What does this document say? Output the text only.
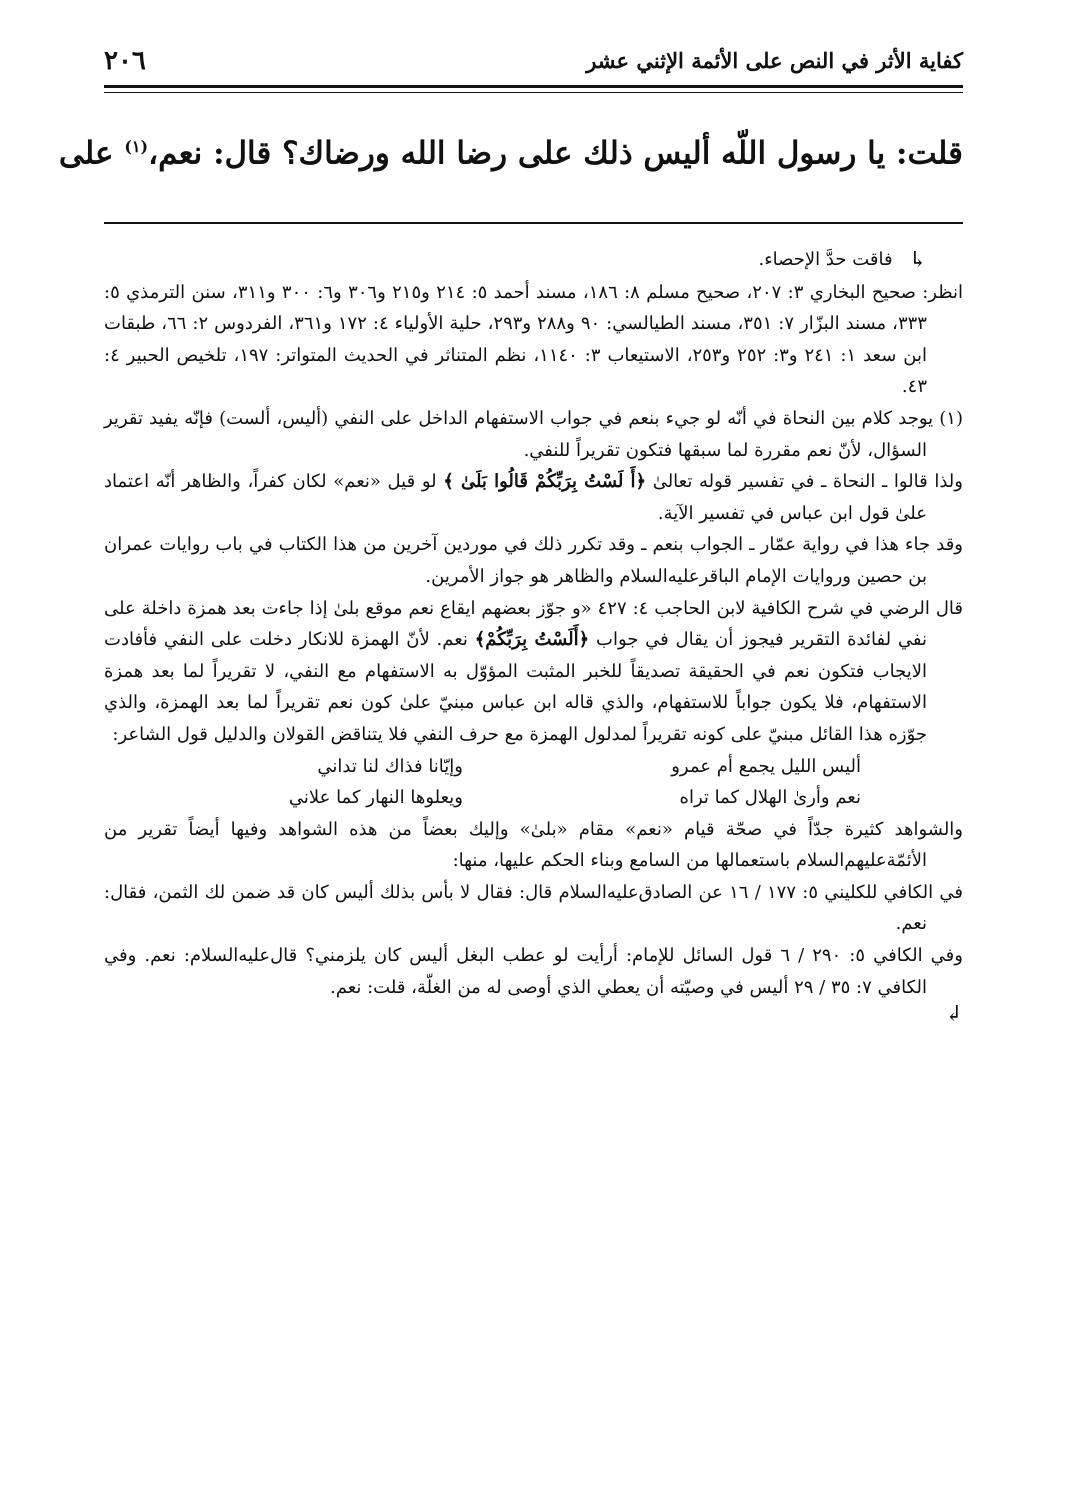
٢٠٦	كفاية الأثر في النص على الأئمة الإثني عشر
قلت: يا رسول اللّه أليس ذلك على رضا الله ورضاك؟ قال: نعم،$^{(١)}$ على

↳فاقت حدَّ الإحصاء.

انظر: صحيح البخاري ٣: ٢٠٧، صحيح مسلم ٨: ١٨٦، مسند أحمد ٥: ٢١٤ و٢١٥ و٣٠٦ و٦: ٣٠٠ و٣١١، سنن الترمذي ٥: ٣٣٣، مسند البزّار ٧: ٣٥١، مسند الطيالسي: ٩٠ و٢٨٨ و٢٩٣، حلية الأولياء ٤: ١٧٢ و٣٦١، الفردوس ٢: ٦٦، طبقات ابن سعد ١: ٢٤١ و٣: ٢٥٢ و٢٥٣، الاستيعاب ٣: ١١٤٠، نظم المتناثر في الحديث المتواتر: ١٩٧، تلخيص الحبير ٤: ٤٣.

(١) يوجد كلام بين النحاة في أنّه لو جيء بنعم في جواب الاستفهام الداخل على النفي (أليس، ألست) فإنّه يفيد تقرير السؤال، لأنّ نعم مقررة لما سبقها فتكون تقريراً للنفي.

ولذا قالوا ـ النحاة ـ في تفسير قوله تعالىٰ ﴿أَ لَسْتُ بِرَبِّكُمْ قَالُوا بَلَىٰ ﴾ لو قيل «نعم» لكان كفراً، والظاهر أنّه اعتماد علىٰ قول ابن عباس في تفسير الآية.

وقد جاء هذا في رواية عمّار ـ الجواب بنعم ـ وقد تكرر ذلك في موردين آخرين من هذا الكتاب في باب روايات عمران بن حصين وروايات الإمام الباقر‌عليه‌السلام والظاهر هو جواز الأمرين.

قال الرضي في شرح الكافية لابن الحاجب ٤: ٤٢٧ «و جوّز بعضهم ايقاع نعم موقع بلىٰ إذا جاءت بعد همزة داخلة على نفي لفائدة التقرير فيجوز أن يقال في جواب ﴿أَلَسْتُ بِرَبِّكُمْ﴾ نعم. لأنّ الهمزة للانكار دخلت على النفي فأفادت الايجاب فتكون نعم في الحقيقة تصديقاً للخبر المثبت المؤوّل به الاستفهام مع النفي، لا تقريراً لما بعد همزة الاستفهام، فلا يكون جواباً للاستفهام، والذي قاله ابن عباس مبنيّ علىٰ كون نعم تقريراً لما بعد الهمزة، والذي جوّزه هذا القائل مبنيّ على كونه تقريراً لمدلول الهمزة مع حرف النفي فلا يتناقض القولان والدليل قول الشاعر:

أليس الليل يجمع أم عمرو
وإيّانا فذاك لنا تداني
نعم وأرىٰ الهلال كما تراه
ويعلوها النهار كما علاني

والشواهد كثيرة جدّاً في صحّة قيام «نعم» مقام «بلىٰ» وإليك بعضاً من هذه الشواهد وفيها أيضاً تقرير من الأئمّة‌عليهم‌السلام باستعمالها من السامع وبناء الحكم عليها، منها:

في الكافي للكليني ٥: ١٧٧ / ١٦ عن الصادق‌عليه‌السلام قال: فقال لا بأس بذلك أليس كان قد ضمن لك الثمن، فقال: نعم.

وفي الكافي ٥: ٢٩٠ / ٦ قول السائل للإمام: أرأيت لو عطب البغل أليس كان يلزمني؟ قال‌عليه‌السلام: نعم. وفي الكافي ٧: ٣٥ / ٢٩ أليس في وصيّته أن يعطي الذي أوصى له من الغلّة، قلت: نعم.

↲
